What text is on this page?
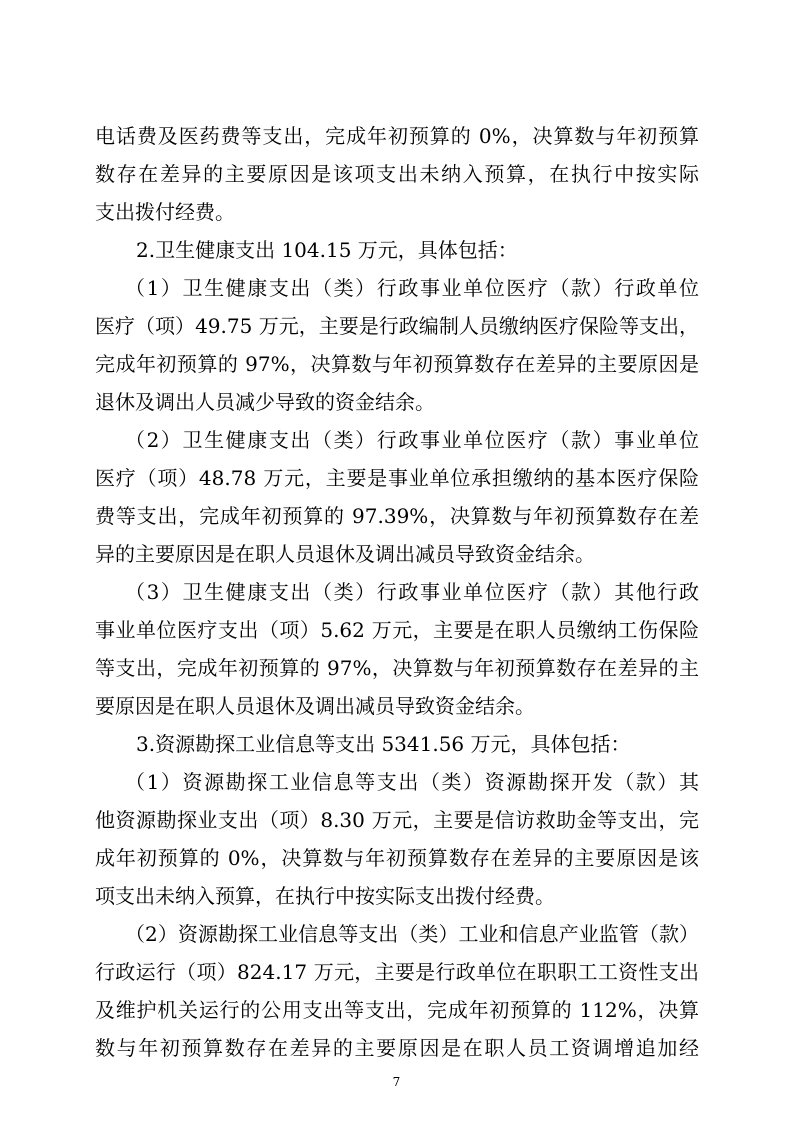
电话费及医药费等支出，完成年初预算的 0%，决算数与年初预算
数存在差异的主要原因是该项支出未纳入预算，在执行中按实际
支出拨付经费。
2.卫生健康支出 104.15 万元，具体包括：
（1）卫生健康支出（类）行政事业单位医疗（款）行政单位
医疗（项）49.75 万元，主要是行政编制人员缴纳医疗保险等支出，
完成年初预算的 97%，决算数与年初预算数存在差异的主要原因是
退休及调出人员减少导致的资金结余。
（2）卫生健康支出（类）行政事业单位医疗（款）事业单位
医疗（项）48.78 万元，主要是事业单位承担缴纳的基本医疗保险
费等支出，完成年初预算的 97.39%，决算数与年初预算数存在差
异的主要原因是在职人员退休及调出减员导致资金结余。
（3）卫生健康支出（类）行政事业单位医疗（款）其他行政
事业单位医疗支出（项）5.62 万元，主要是在职人员缴纳工伤保险
等支出，完成年初预算的 97%，决算数与年初预算数存在差异的主
要原因是在职人员退休及调出减员导致资金结余。
3.资源勘探工业信息等支出 5341.56 万元，具体包括：
（1）资源勘探工业信息等支出（类）资源勘探开发（款）其
他资源勘探业支出（项）8.30 万元，主要是信访救助金等支出，完
成年初预算的 0%，决算数与年初预算数存在差异的主要原因是该
项支出未纳入预算，在执行中按实际支出拨付经费。
（2）资源勘探工业信息等支出（类）工业和信息产业监管（款）
行政运行（项）824.17 万元，主要是行政单位在职职工工资性支出
及维护机关运行的公用支出等支出，完成年初预算的 112%，决算
数与年初预算数存在差异的主要原因是在职人员工资调增追加经
7
